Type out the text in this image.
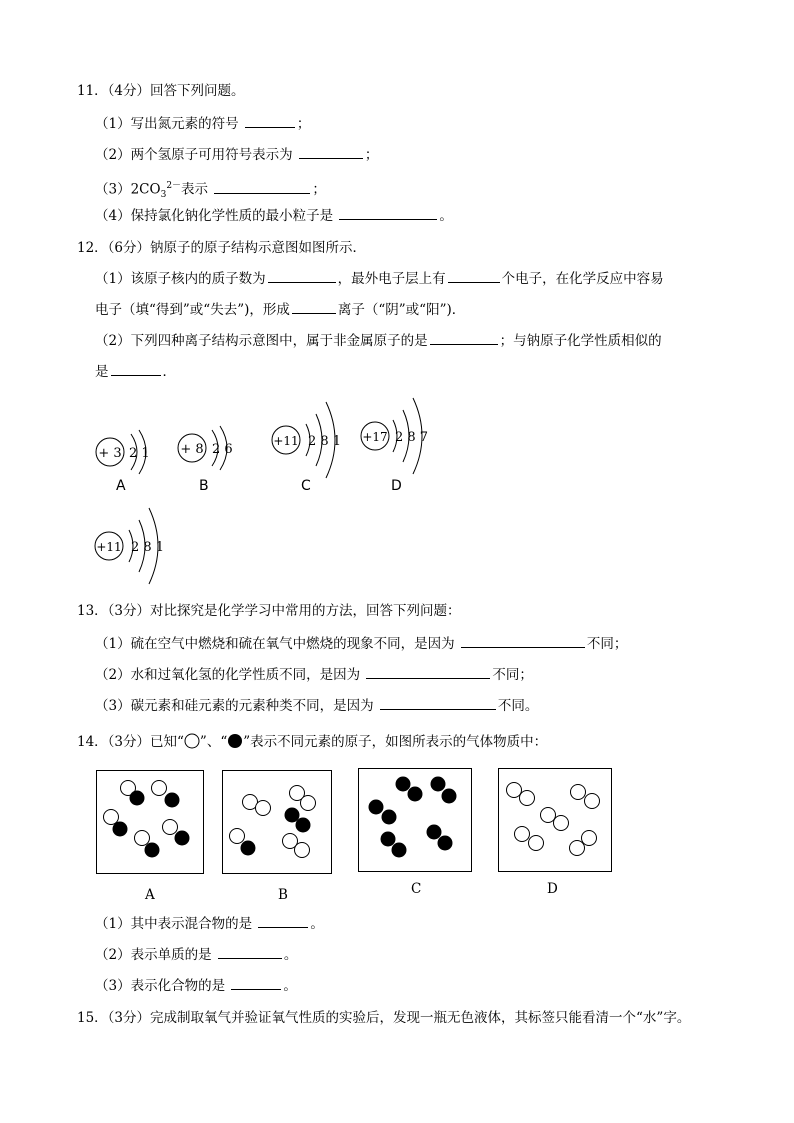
11．（4分）回答下列问题。
（1）写出氮元素的符号	；
（2）两个氢原子可用符号表示为	；
$(3)2CO_3^{2-}$表示	；
（4）保持氯化钠化学性质的最小粒子是	。
12．（6分）钠原子的原子结构示意图如图所示．
（1）该原子核内的质子数为	，最外电子层上有	个电子，在化学反应中容易
电子（填“得到”或“失去”)，形成	离子（“阴”或“阳”)．
（2）下列四种离子结构示意图中，属于非金属原子的是	；与钠原子化学性质相似的
是	．
+ 3 2 1
A
+ 8 2 6
B
+11 2 8 1
C
+17 2 8 7
D
+11 2 8 1
13．（3分）对比探究是化学学习中常用的方法，回答下列问题：
（1）硫在空气中燃烧和硫在氧气中燃烧的现象不同，是因为	不同；
（2）水和过氧化氢的化学性质不同，是因为	不同；
（3）碳元素和硅元素的元素种类不同，是因为	不同。
14．（3分）已知“ ”、“ ”表示不同元素的原子，如图所表示的气体物质中：
A	B	C	D
（1）其中表示混合物的是	。
（2）表示单质的是	。
（3）表示化合物的是	。
15．（3分）完成制取氧气并验证氧气性质的实验后，发现一瓶无色液体，其标签只能看清一个“水”字。
